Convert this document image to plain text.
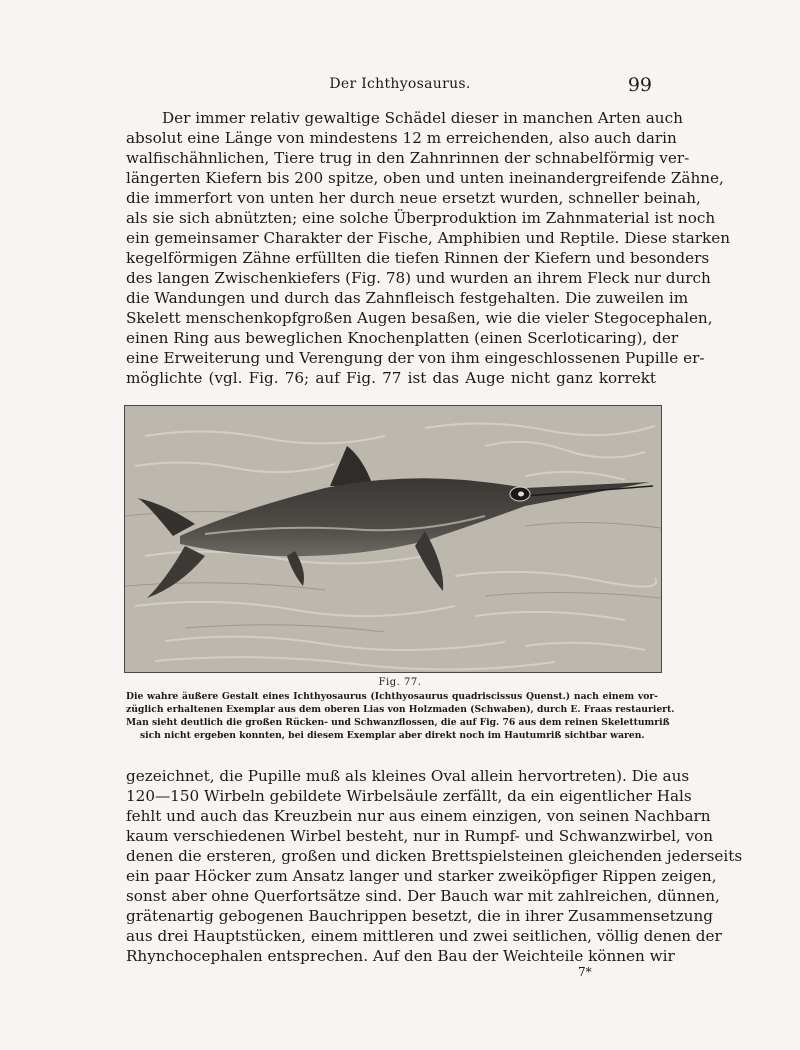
Der Ichthyosaurus.	99
Der immer relativ gewaltige Schädel dieser in manchen Arten auch
absolut eine Länge von mindestens 12 m erreichenden, also auch darin
walfischähnlichen, Tiere trug in den Zahnrinnen der schnabelförmig ver-
längerten Kiefern bis 200 spitze, oben und unten ineinandergreifende Zähne,
die immerfort von unten her durch neue ersetzt wurden, schneller beinah,
als sie sich abnützten; eine solche Überproduktion im Zahnmaterial ist noch
ein gemeinsamer Charakter der Fische, Amphibien und Reptile. Diese starken
kegelförmigen Zähne erfüllten die tiefen Rinnen der Kiefern und besonders
des langen Zwischenkiefers (Fig. 78) und wurden an ihrem Fleck nur durch
die Wandungen und durch das Zahnfleisch festgehalten. Die zuweilen im
Skelett menschenkopfgroßen Augen besaßen, wie die vieler Stegocephalen,
einen Ring aus beweglichen Knochenplatten (einen Scerloticaring), der
eine Erweiterung und Verengung der von ihm eingeschlossenen Pupille er-
möglichte (vgl. Fig. 76; auf Fig. 77 ist das Auge nicht ganz korrekt
Fig. 77.
Die wahre äußere Gestalt eines Ichthyosaurus (Ichthyosaurus quadriscissus Quenst.) nach einem vor-
züglich erhaltenen Exemplar aus dem oberen Lias von Holzmaden (Schwaben), durch E. Fraas restauriert.
Man sieht deutlich die großen Rücken- und Schwanzflossen, die auf Fig. 76 aus dem reinen Skelettumriß
sich nicht ergeben konnten, bei diesem Exemplar aber direkt noch im Hautumriß sichtbar waren.
gezeichnet, die Pupille muß als kleines Oval allein hervortreten). Die aus
120—150 Wirbeln gebildete Wirbelsäule zerfällt, da ein eigentlicher Hals
fehlt und auch das Kreuzbein nur aus einem einzigen, von seinen Nachbarn
kaum verschiedenen Wirbel besteht, nur in Rumpf- und Schwanzwirbel, von
denen die ersteren, großen und dicken Brettspielsteinen gleichenden jederseits
ein paar Höcker zum Ansatz langer und starker zweiköpfiger Rippen zeigen,
sonst aber ohne Querfortsätze sind. Der Bauch war mit zahlreichen, dünnen,
grätenartig gebogenen Bauchrippen besetzt, die in ihrer Zusammensetzung
aus drei Hauptstücken, einem mittleren und zwei seitlichen, völlig denen der
Rhynchocephalen entsprechen. Auf den Bau der Weichteile können wir
7*
